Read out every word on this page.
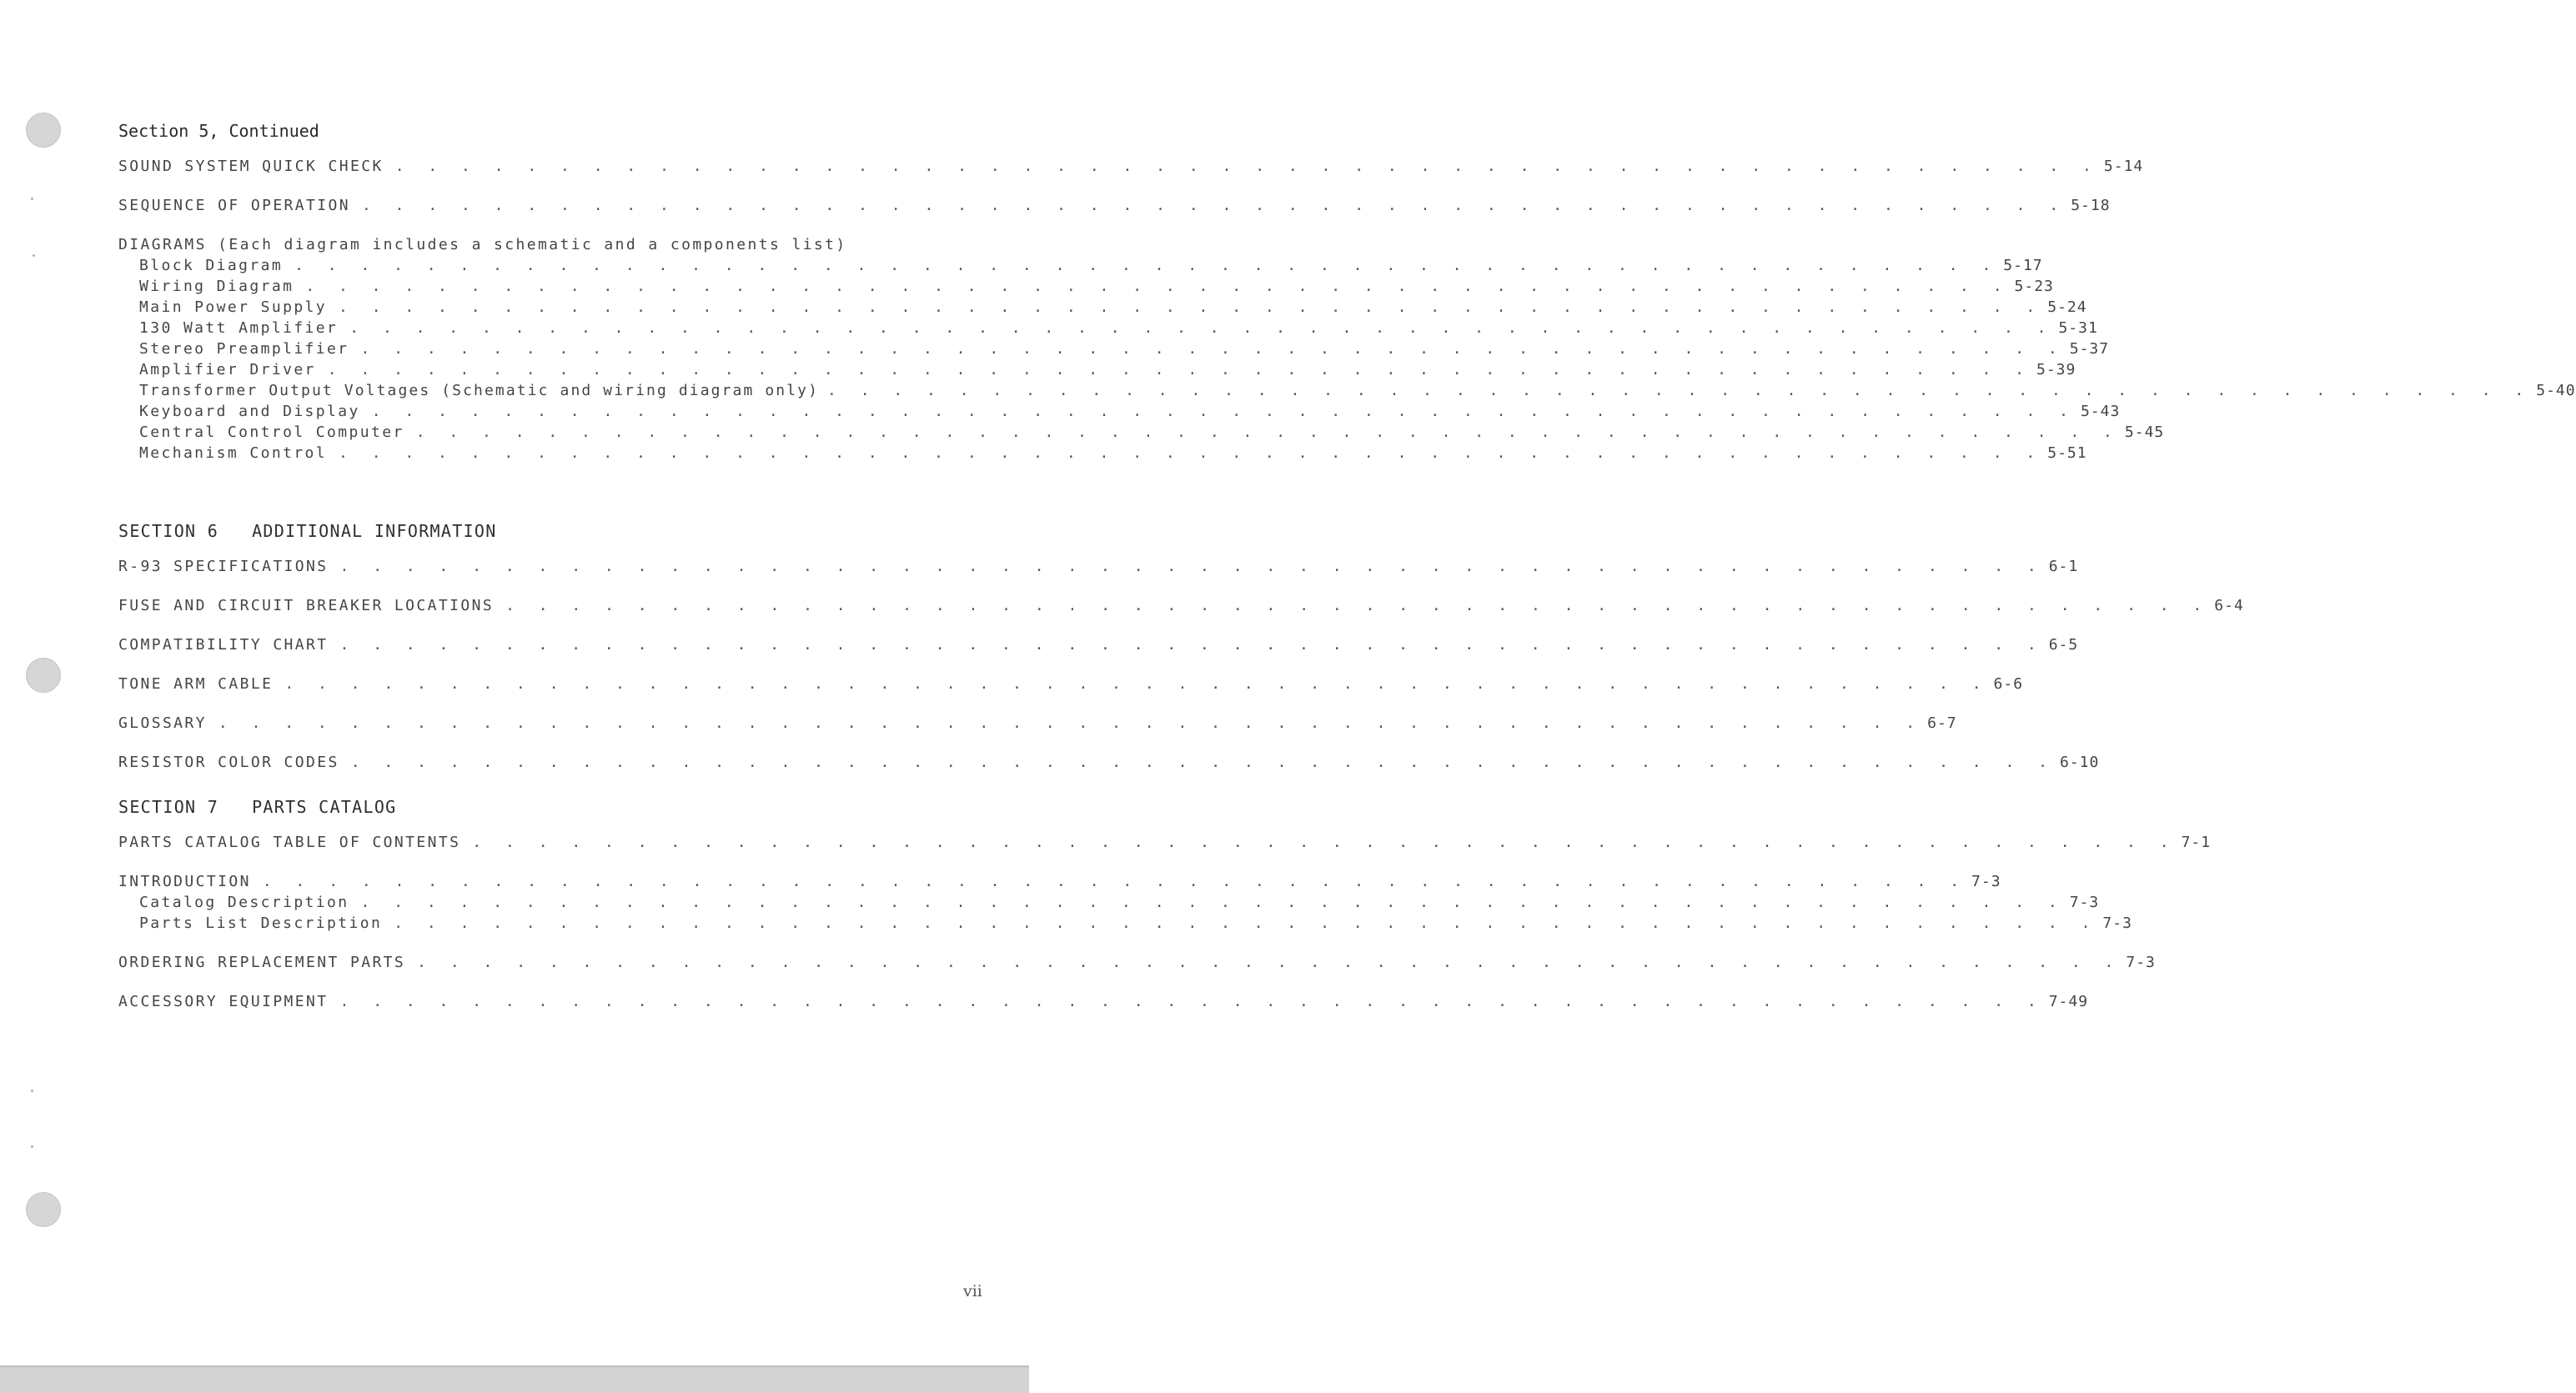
Section 5, Continued
SOUND SYSTEM QUICK CHECK . . . . . . . . . . . . . . . . . . . . . . . . . . . . . . . . . . . . . . . . . . . . . . . . . . . . 5-14
SEQUENCE OF OPERATION . . . . . . . . . . . . . . . . . . . . . . . . . . . . . . . . . . . . . . . . . . . . . . . . . . . . 5-18
DIAGRAMS (Each diagram includes a schematic and a components list)
Block Diagram . . . . . . . . . . . . . . . . . . . . . . . . . . . . . . . . . . . . . . . . . . . . . . . . . . . . 5-17
Wiring Diagram . . . . . . . . . . . . . . . . . . . . . . . . . . . . . . . . . . . . . . . . . . . . . . . . . . . . 5-23
Main Power Supply . . . . . . . . . . . . . . . . . . . . . . . . . . . . . . . . . . . . . . . . . . . . . . . . . . . . 5-24
130 Watt Amplifier . . . . . . . . . . . . . . . . . . . . . . . . . . . . . . . . . . . . . . . . . . . . . . . . . . . . 5-31
Stereo Preamplifier . . . . . . . . . . . . . . . . . . . . . . . . . . . . . . . . . . . . . . . . . . . . . . . . . . . . 5-37
Amplifier Driver . . . . . . . . . . . . . . . . . . . . . . . . . . . . . . . . . . . . . . . . . . . . . . . . . . . . 5-39
Transformer Output Voltages (Schematic and wiring diagram only) . . . . . . . . . . . . . . . . . . . . . . . . . . . . . . . . . . . . . . . . . . . . . . . . . . . . 5-40
Keyboard and Display . . . . . . . . . . . . . . . . . . . . . . . . . . . . . . . . . . . . . . . . . . . . . . . . . . . . 5-43
Central Control Computer . . . . . . . . . . . . . . . . . . . . . . . . . . . . . . . . . . . . . . . . . . . . . . . . . . . . 5-45
Mechanism Control . . . . . . . . . . . . . . . . . . . . . . . . . . . . . . . . . . . . . . . . . . . . . . . . . . . . 5-51
SECTION 6   ADDITIONAL INFORMATION
R-93 SPECIFICATIONS . . . . . . . . . . . . . . . . . . . . . . . . . . . . . . . . . . . . . . . . . . . . . . . . . . . . 6-1
FUSE AND CIRCUIT BREAKER LOCATIONS . . . . . . . . . . . . . . . . . . . . . . . . . . . . . . . . . . . . . . . . . . . . . . . . . . . . 6-4
COMPATIBILITY CHART . . . . . . . . . . . . . . . . . . . . . . . . . . . . . . . . . . . . . . . . . . . . . . . . . . . . 6-5
TONE ARM CABLE . . . . . . . . . . . . . . . . . . . . . . . . . . . . . . . . . . . . . . . . . . . . . . . . . . . . 6-6
GLOSSARY . . . . . . . . . . . . . . . . . . . . . . . . . . . . . . . . . . . . . . . . . . . . . . . . . . . . 6-7
RESISTOR COLOR CODES . . . . . . . . . . . . . . . . . . . . . . . . . . . . . . . . . . . . . . . . . . . . . . . . . . . . 6-10
SECTION 7   PARTS CATALOG
PARTS CATALOG TABLE OF CONTENTS . . . . . . . . . . . . . . . . . . . . . . . . . . . . . . . . . . . . . . . . . . . . . . . . . . . . 7-1
INTRODUCTION . . . . . . . . . . . . . . . . . . . . . . . . . . . . . . . . . . . . . . . . . . . . . . . . . . . . 7-3
Catalog Description . . . . . . . . . . . . . . . . . . . . . . . . . . . . . . . . . . . . . . . . . . . . . . . . . . . . 7-3
Parts List Description . . . . . . . . . . . . . . . . . . . . . . . . . . . . . . . . . . . . . . . . . . . . . . . . . . . . 7-3
ORDERING REPLACEMENT PARTS . . . . . . . . . . . . . . . . . . . . . . . . . . . . . . . . . . . . . . . . . . . . . . . . . . . . 7-3
ACCESSORY EQUIPMENT . . . . . . . . . . . . . . . . . . . . . . . . . . . . . . . . . . . . . . . . . . . . . . . . . . . . 7-49
vii
